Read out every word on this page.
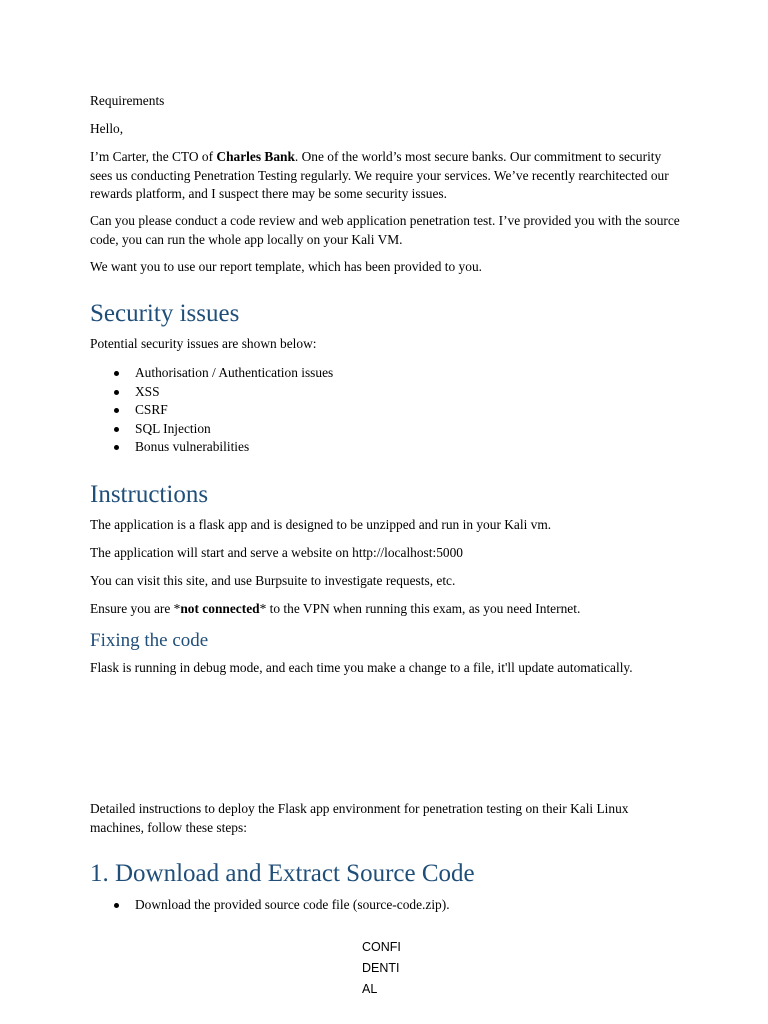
Requirements

Hello,

I’m Carter, the CTO of Charles Bank. One of the world’s most secure banks. Our commitment to security sees us conducting Penetration Testing regularly. We require your services. We’ve recently rearchitected our rewards platform, and I suspect there may be some security issues.

Can you please conduct a code review and web application penetration test. I’ve provided you with the source code, you can run the whole app locally on your Kali VM.

We want you to use our report template, which has been provided to you.

Security issues

Potential security issues are shown below:

Authorisation / Authentication issues
XSS
CSRF
SQL Injection
Bonus vulnerabilities
Instructions

The application is a flask app and is designed to be unzipped and run in your Kali vm.

The application will start and serve a website on http://localhost:5000

You can visit this site, and use Burpsuite to investigate requests, etc.

Ensure you are *not connected* to the VPN when running this exam, as you need Internet.

Fixing the code

Flask is running in debug mode, and each time you make a change to a file, it'll update automatically.

Detailed instructions to deploy the Flask app environment for penetration testing on their Kali Linux machines, follow these steps:

1. Download and Extract Source Code
Download the provided source code file (source-code.zip).
CONFI
DENTI
AL
